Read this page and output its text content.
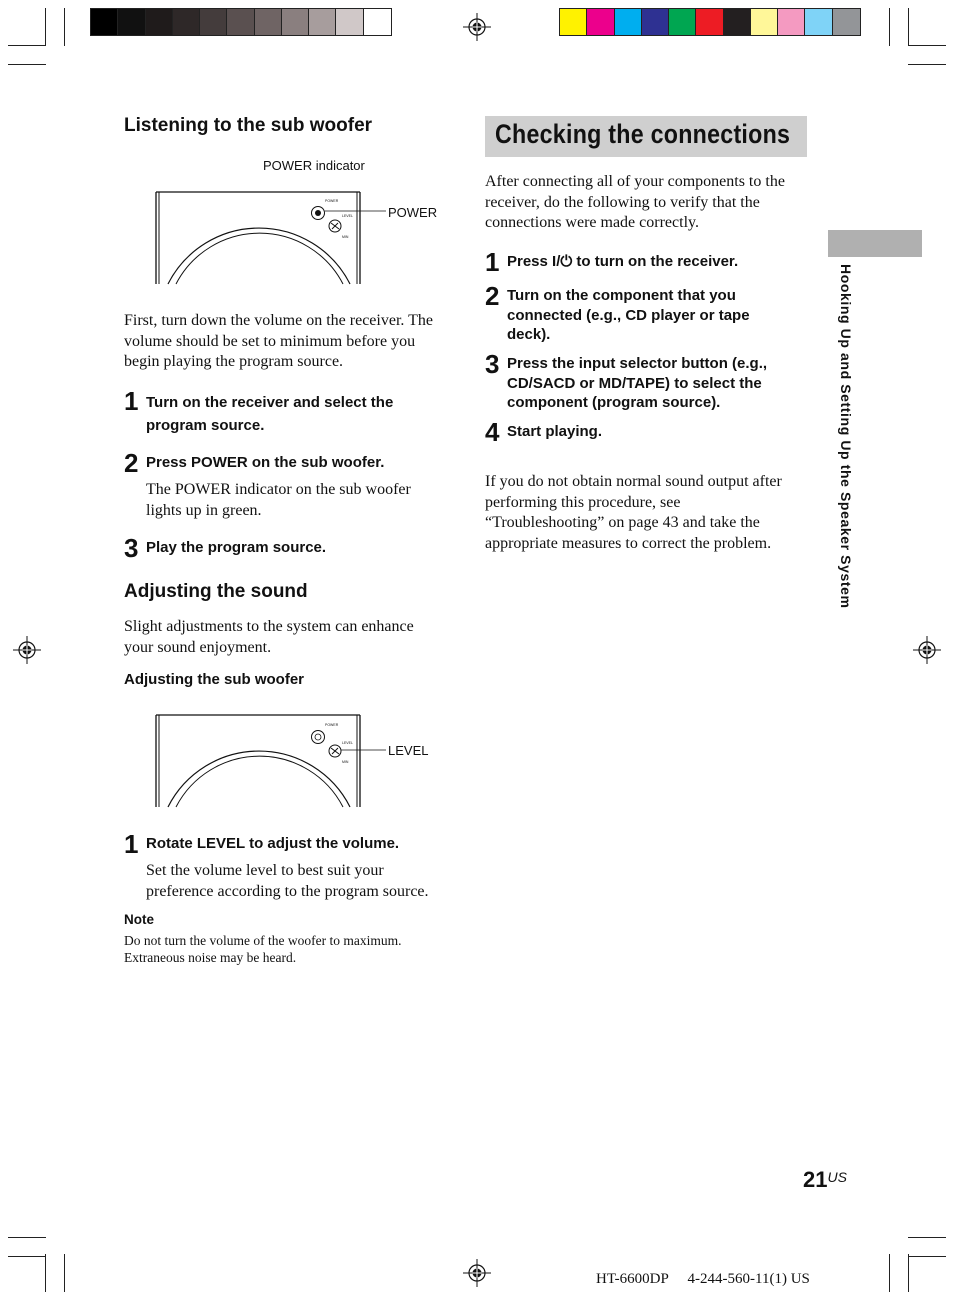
Listening to the sub woofer
POWER indicator
POWER
POWER
LEVEL
MIN

First, turn down the volume on the receiver. The volume should be set to minimum before you begin playing the program source.

1 Turn on the receiver and select the program source.
2 Press POWER on the sub woofer.

The POWER indicator on the sub woofer lights up in green.

3 Play the program source.
Adjusting the sound

Slight adjustments to the system can enhance your sound enjoyment.

Adjusting the sub woofer
LEVEL
POWER
LEVEL
MIN
1 Rotate LEVEL to adjust the volume.

Set the volume level to best suit your preference according to the program source.

Note

Do not turn the volume of the woofer to maximum. Extraneous noise may be heard.

Checking the connections

After connecting all of your components to the receiver, do the following to verify that the connections were made correctly.

1 Press I/⏻ to turn on the receiver.
2 Turn on the component that you connected (e.g., CD player or tape deck).
3 Press the input selector button (e.g., CD/SACD or MD/TAPE) to select the component (program source).
4 Start playing.

If you do not obtain normal sound output after performing this procedure, see “Troubleshooting” on page 43 and take the appropriate measures to correct the problem.	Hooking Up and Setting Up the Speaker System
$21^{US}$
HT-6600DP  4-244-560-11(1) US
